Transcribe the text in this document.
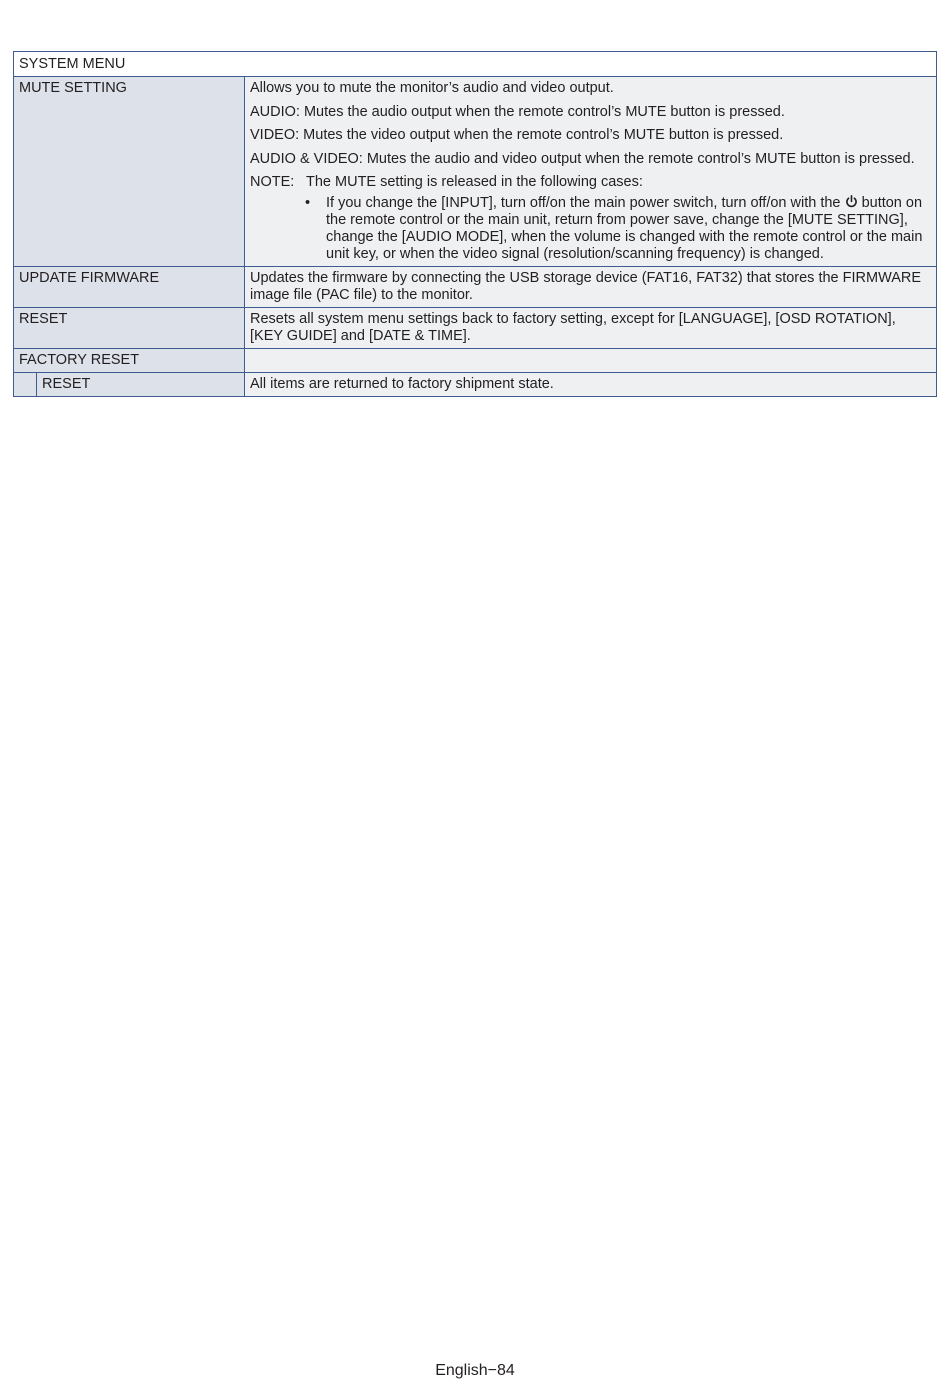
SYSTEM MENU
MUTE SETTING	Allows you to mute the monitor’s audio and video output.

AUDIO: Mutes the audio output when the remote control’s MUTE button is pressed.

VIDEO: Mutes the video output when the remote control’s MUTE button is pressed.

AUDIO & VIDEO: Mutes the audio and video output when the remote control’s MUTE button is pressed.

NOTE: The MUTE setting is released in the following cases:
•	If you change the [INPUT], turn off/on the main power switch, turn off/on with the button on the remote control or the main unit, return from power save, change the [MUTE SETTING], change the [AUDIO MODE], when the volume is changed with the remote control or the main unit key, or when the video signal (resolution/scanning frequency) is changed.
UPDATE FIRMWARE	Updates the firmware by connecting the USB storage device (FAT16, FAT32) that stores the FIRMWARE image file (PAC file) to the monitor.
RESET	Resets all system menu settings back to factory setting, except for [LANGUAGE], [OSD ROTATION], [KEY GUIDE] and [DATE & TIME].
FACTORY RESET
RESET	All items are returned to factory shipment state.
English−84
